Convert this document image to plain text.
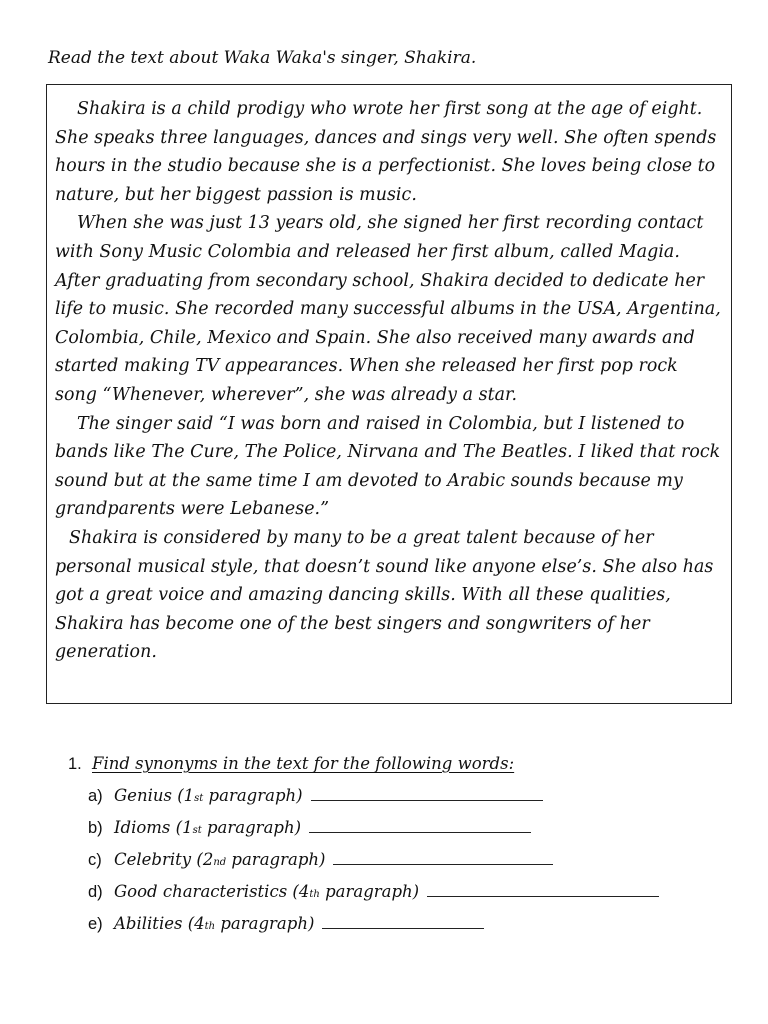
Read the text about Waka Waka's singer, Shakira.

Shakira is a child prodigy who wrote her first song at the age of eight. She speaks three languages, dances and sings very well. She often spends hours in the studio because she is a perfectionist. She loves being close to nature, but her biggest passion is music.

When she was just 13 years old, she signed her first recording contact with Sony Music Colombia and released her first album, called Magia. After graduating from secondary school, Shakira decided to dedicate her life to music. She recorded many successful albums in the USA, Argentina, Colombia, Chile, Mexico and Spain. She also received many awards and started making TV appearances. When she released her first pop rock song “Whenever, wherever”, she was already a star.

The singer said “I was born and raised in Colombia, but I listened to bands like The Cure, The Police, Nirvana and The Beatles. I liked that rock sound but at the same time I am devoted to Arabic sounds because my grandparents were Lebanese.”

Shakira is considered by many to be a great talent because of her personal musical style, that doesn’t sound like anyone else’s. She also has got a great voice and amazing dancing skills. With all these qualities, Shakira has become one of the best singers and songwriters of her generation.

1. Find synonyms in the text for the following words:
a) Genius ( 1 st
paragraph)
b) Idioms ( 1 st
paragraph)
c) Celebrity ( 2 nd
paragraph)
d) Good characteristics ( 4 th
paragraph)
e) Abilities ( 4 th
paragraph)
